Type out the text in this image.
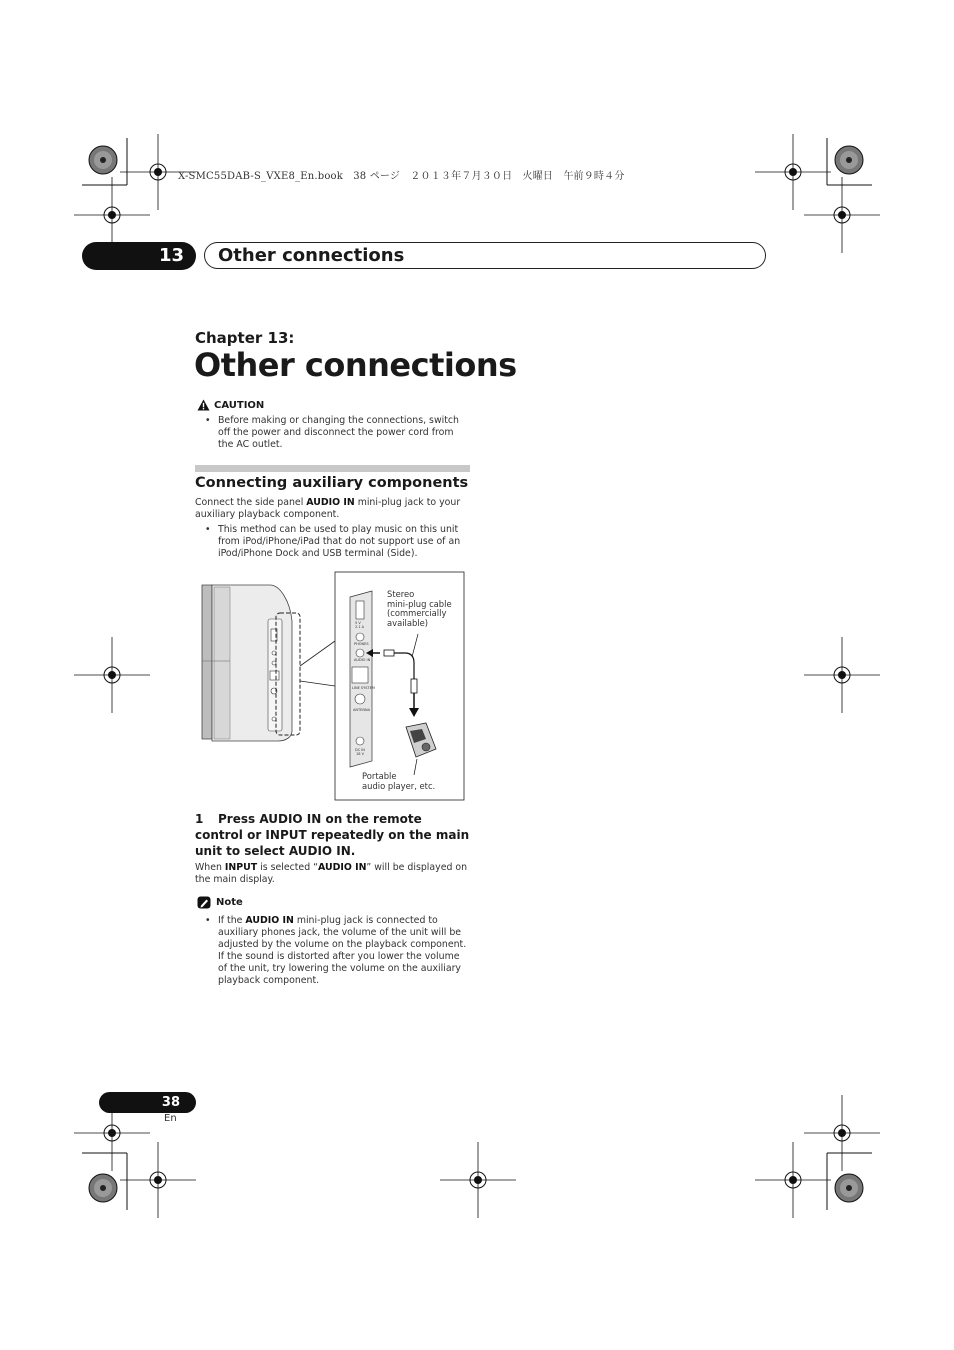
X-SMC55DAB-S_VXE8_En.book　38 ページ　２０１３年７月３０日　火曜日　午前９時４分
13	Other connections
Chapter 13:
Other connections
CAUTION
• Before making or changing the connections, switch off the power and disconnect the power cord from the AC outlet.
Connecting auxiliary components
Connect the side panel AUDIO IN mini-plug jack to your auxiliary playback component.
• This method can be used to play music on this unit from iPod/iPhone/iPad that do not support use of an iPod/iPhone Dock and USB terminal (Side).
5 V
2.1 A
PHONES
AUDIO IN
LINE SYSTEM
ANTENNA
DC IN
18 V
Stereo
mini-plug cable
(commercially
available)
Portable
audio player, etc.
1 Press AUDIO IN on the remote control or INPUT repeatedly on the main unit to select AUDIO IN.
When INPUT is selected “AUDIO IN” will be displayed on the main display.
Note
• If the AUDIO IN mini-plug jack is connected to auxiliary phones jack, the volume of the unit will be adjusted by the volume on the playback component. If the sound is distorted after you lower the volume of the unit, try lowering the volume on the auxiliary playback component.
38
En
